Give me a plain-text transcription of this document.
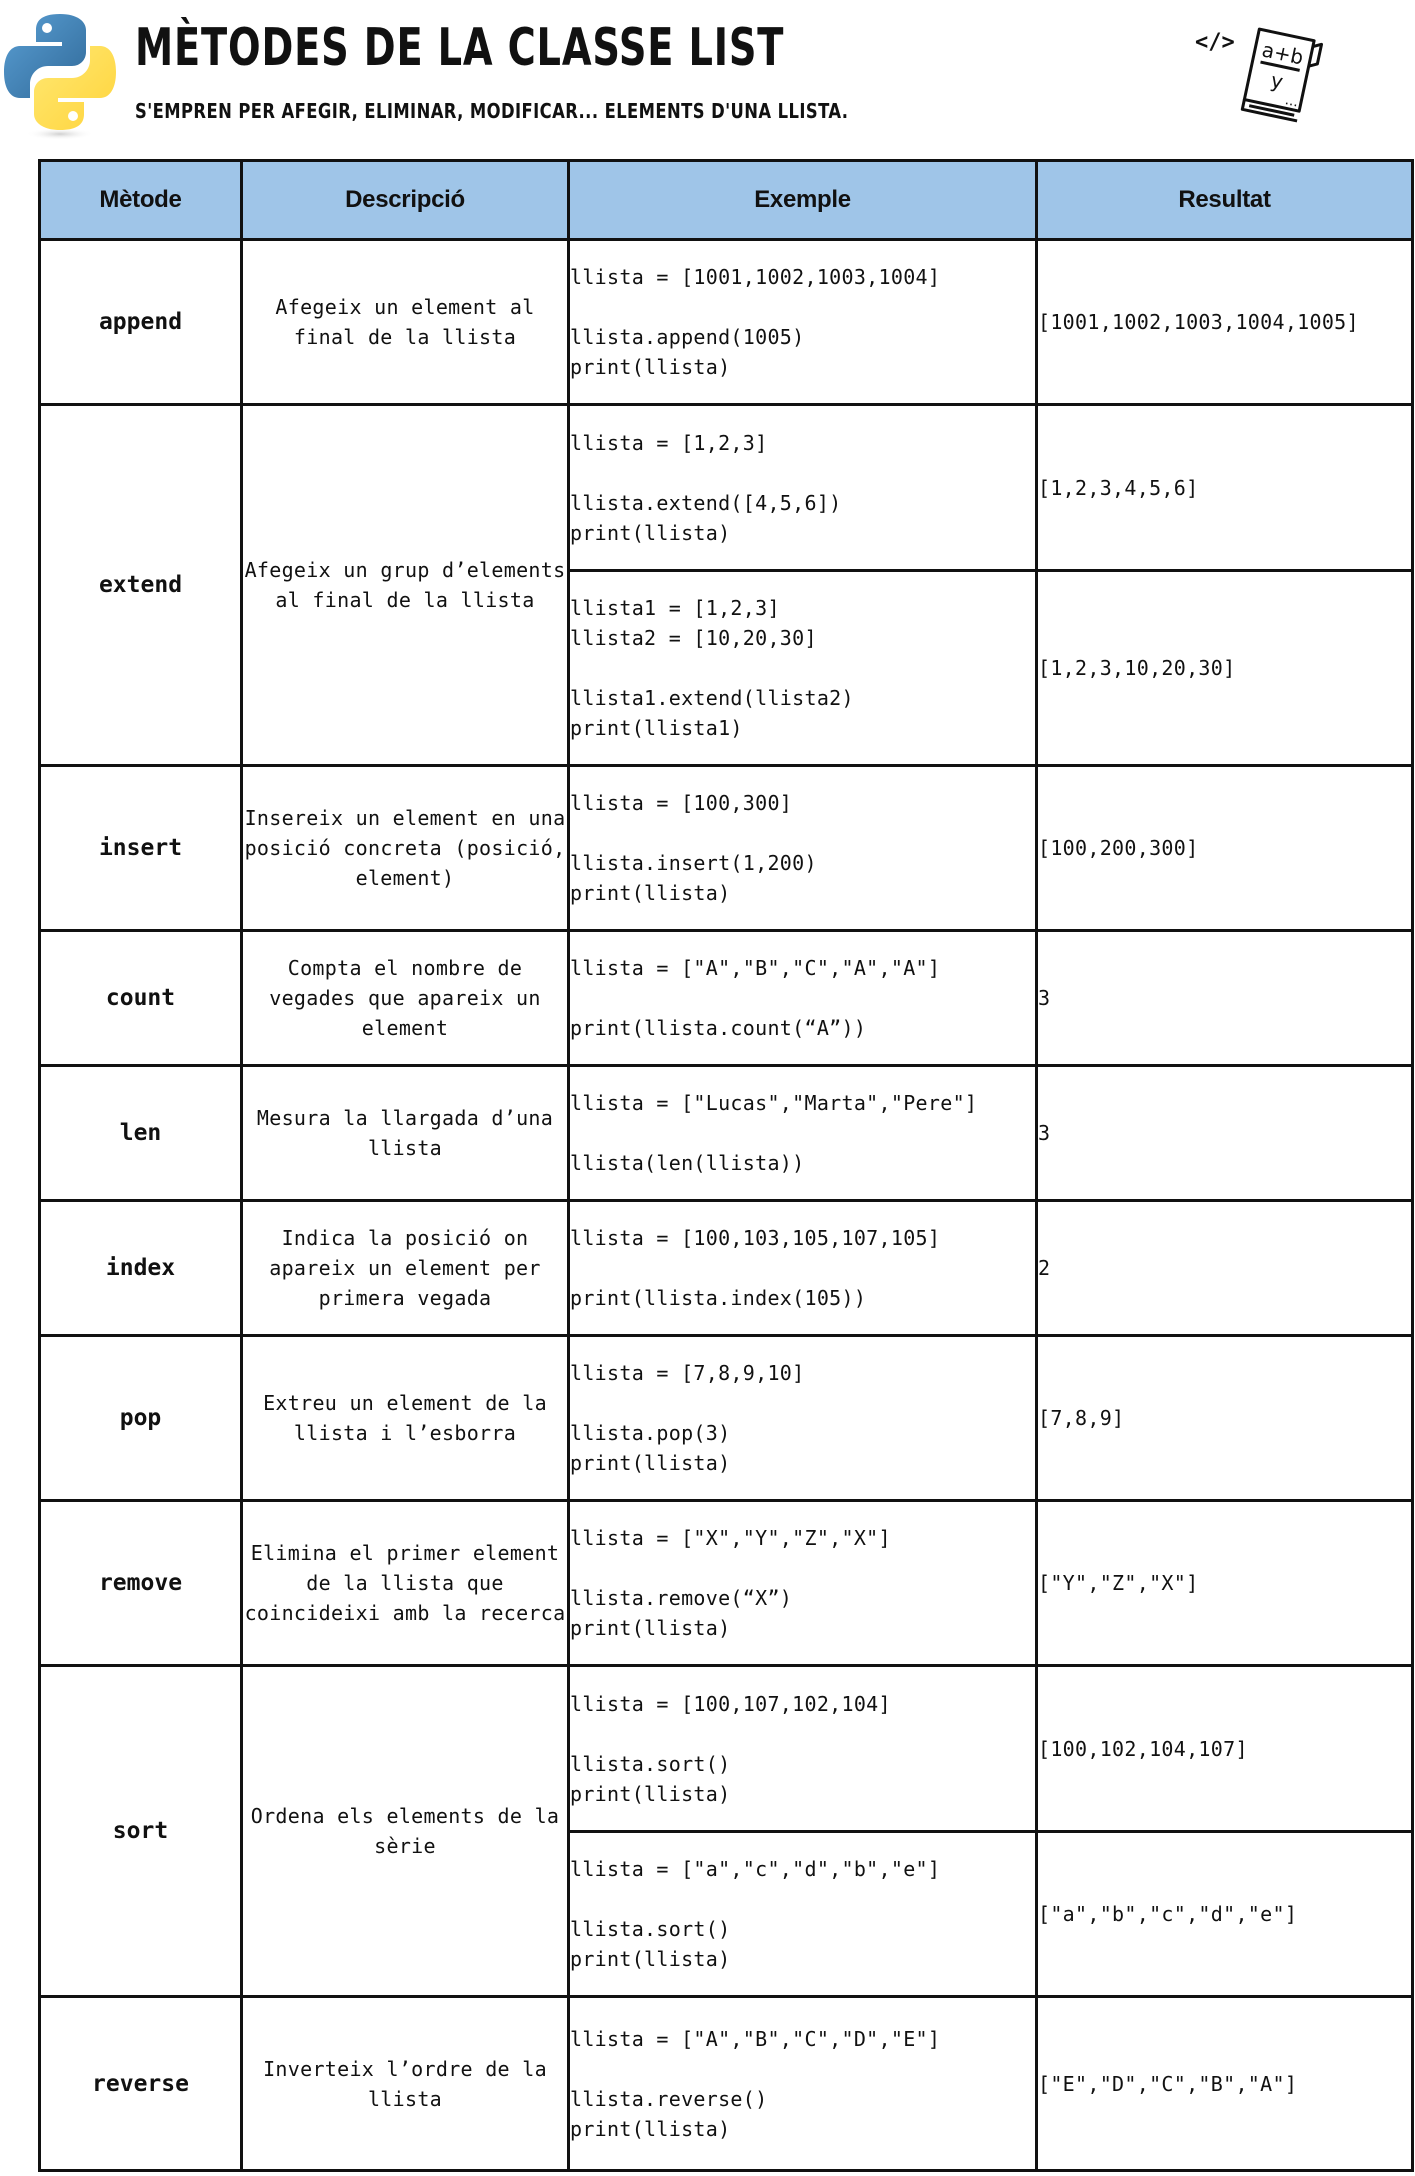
MÈTODES DE LA CLASSE LIST
S'EMPREN PER AFEGIR, ELIMINAR, MODIFICAR... ELEMENTS D'UNA LLISTA.
</> a+b
y
...
Mètode	Descripció	Exemple	Resultat
append	Afegeix un element al final de la llista	llista = [1001,1002,1003,1004]
llista.append(1005)
print(llista)	[1001,1002,1003,1004,1005]
extend	Afegeix un grup d’elements al final de la llista	llista = [1,2,3]
llista.extend([4,5,6])
print(llista)	[1,2,3,4,5,6]

		llista1 = [1,2,3]
llista2 = [10,20,30]
llista1.extend(llista2)
print(llista1)	[1,2,3,10,20,30]
insert	Insereix un element en una posició concreta (posició, element)	llista = [100,300]
llista.insert(1,200)
print(llista)	[100,200,300]
count	Compta el nombre de vegades que apareix un element	llista = ["A","B","C","A","A"]
print(llista.count(“A”))	3
len	Mesura la llargada d’una llista	llista = ["Lucas","Marta","Pere"]
llista(len(llista))	3
index	Indica la posició on apareix un element per primera vegada	llista = [100,103,105,107,105]
print(llista.index(105))	2
pop	Extreu un element de la llista i l’esborra	llista = [7,8,9,10]
llista.pop(3)
print(llista)	[7,8,9]
remove	Elimina el primer element de la llista que coincideixi amb la recerca	llista = ["X","Y","Z","X"]
llista.remove(“X”)
print(llista)	["Y","Z","X"]
sort	Ordena els elements de la sèrie	llista = [100,107,102,104]
llista.sort()
print(llista)	[100,102,104,107]

		llista = ["a","c","d","b","e"]
llista.sort()
print(llista)	["a","b","c","d","e"]
reverse	Inverteix l’ordre de la llista	llista = ["A","B","C","D","E"]
llista.reverse()
print(llista)	["E","D","C","B","A"]
